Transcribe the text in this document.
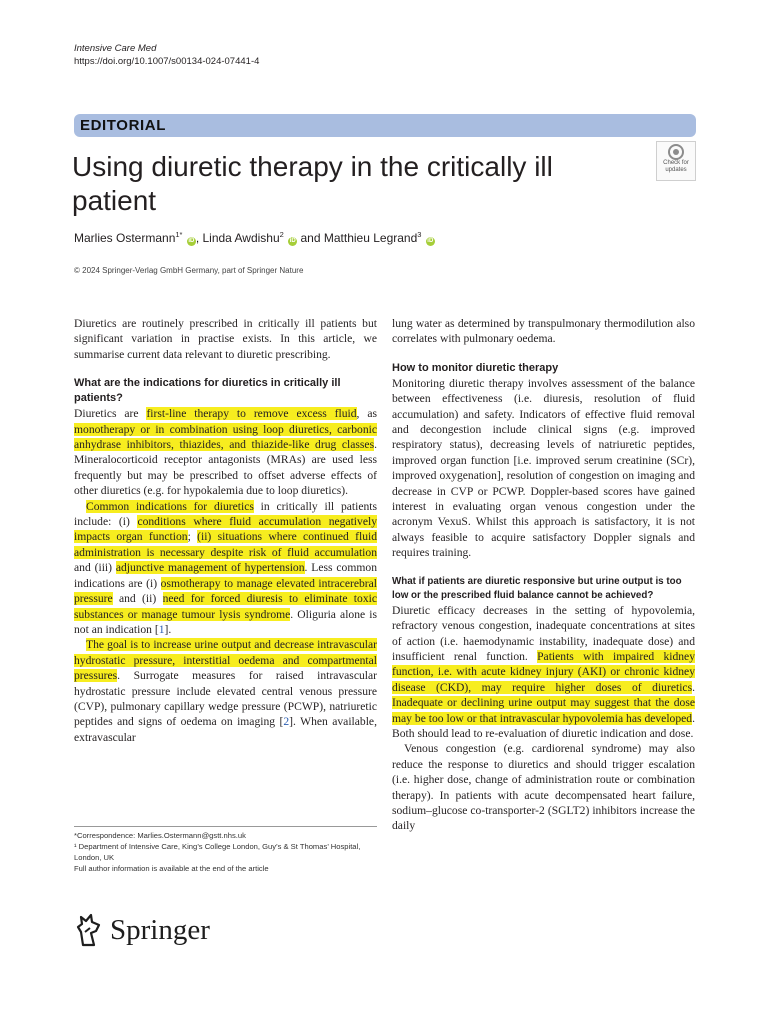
Intensive Care Med
https://doi.org/10.1007/s00134-024-07441-4
EDITORIAL
Using diuretic therapy in the critically ill patient
Check for
updates
Marlies Ostermann$^{1*}$ iD , Linda Awdishu$^2$ iD and Matthieu Legrand$^3$ iD
© 2024 Springer-Verlag GmbH Germany, part of Springer Nature

Diuretics are routinely prescribed in critically ill patients but significant variation in practise exists. In this article, we summarise current data relevant to diuretic prescribing.

What are the indications for diuretics in critically ill patients?

Diuretics are first-line therapy to remove excess fluid, as monotherapy or in combination using loop diuretics, carbonic anhydrase inhibitors, thiazides, and thiazide-like drug classes. Mineralocorticoid receptor antagonists (MRAs) are used less frequently but may be prescribed to offset adverse effects of other diuretics (e.g. for hypokalemia due to loop diuretics).

Common indications for diuretics in critically ill patients include: (i) conditions where fluid accumulation negatively impacts organ function; (ii) situations where continued fluid administration is necessary despite risk of fluid accumulation and (iii) adjunctive management of hypertension. Less common indications are (i) osmotherapy to manage elevated intracerebral pressure and (ii) need for forced diuresis to eliminate toxic substances or manage tumour lysis syndrome. Oliguria alone is not an indication [1].

The goal is to increase urine output and decrease intravascular hydrostatic pressure, interstitial oedema and compartmental pressures. Surrogate measures for raised intravascular hydrostatic pressure include elevated central venous pressure (CVP), pulmonary capillary wedge pressure (PCWP), natriuretic peptides and signs of oedema on imaging [2]. When available, extravascular

lung water as determined by transpulmonary thermodilution also correlates with pulmonary oedema.

How to monitor diuretic therapy

Monitoring diuretic therapy involves assessment of the balance between effectiveness (i.e. diuresis, resolution of fluid accumulation) and safety. Indicators of effective fluid removal and decongestion include clinical signs (e.g. improved respiratory status), decreasing levels of natriuretic peptides, improved organ function [i.e. improved serum creatinine (SCr), improved oxygenation], resolution of congestion on imaging and decrease in CVP or PCWP. Doppler-based scores have gained interest in evaluating organ venous congestion under the acronym VexuS. Whilst this approach is satisfactory, it is not always feasible to acquire satisfactory Doppler signals and requires training.

What if patients are diuretic responsive but urine output is too low or the prescribed fluid balance cannot be achieved?

Diuretic efficacy decreases in the setting of hypovolemia, refractory venous congestion, inadequate concentrations at sites of action (i.e. haemodynamic instability, inadequate dose) and insufficient renal function. Patients with impaired kidney function, i.e. with acute kidney injury (AKI) or chronic kidney disease (CKD), may require higher doses of diuretics. Inadequate or declining urine output may suggest that the dose may be too low or that intravascular hypovolemia has developed. Both should lead to re-evaluation of diuretic indication and dose.

Venous congestion (e.g. cardiorenal syndrome) may also reduce the response to diuretics and should trigger escalation (i.e. higher dose, change of administration route or combination therapy). In patients with acute decompensated heart failure, sodium–glucose co-transporter-2 (SGLT2) inhibitors increase the daily

*Correspondence: Marlies.Ostermann@gstt.nhs.uk
¹ Department of Intensive Care, King’s College London, Guy’s & St Thomas’ Hospital, London, UK
Full author information is available at the end of the article
Springer
